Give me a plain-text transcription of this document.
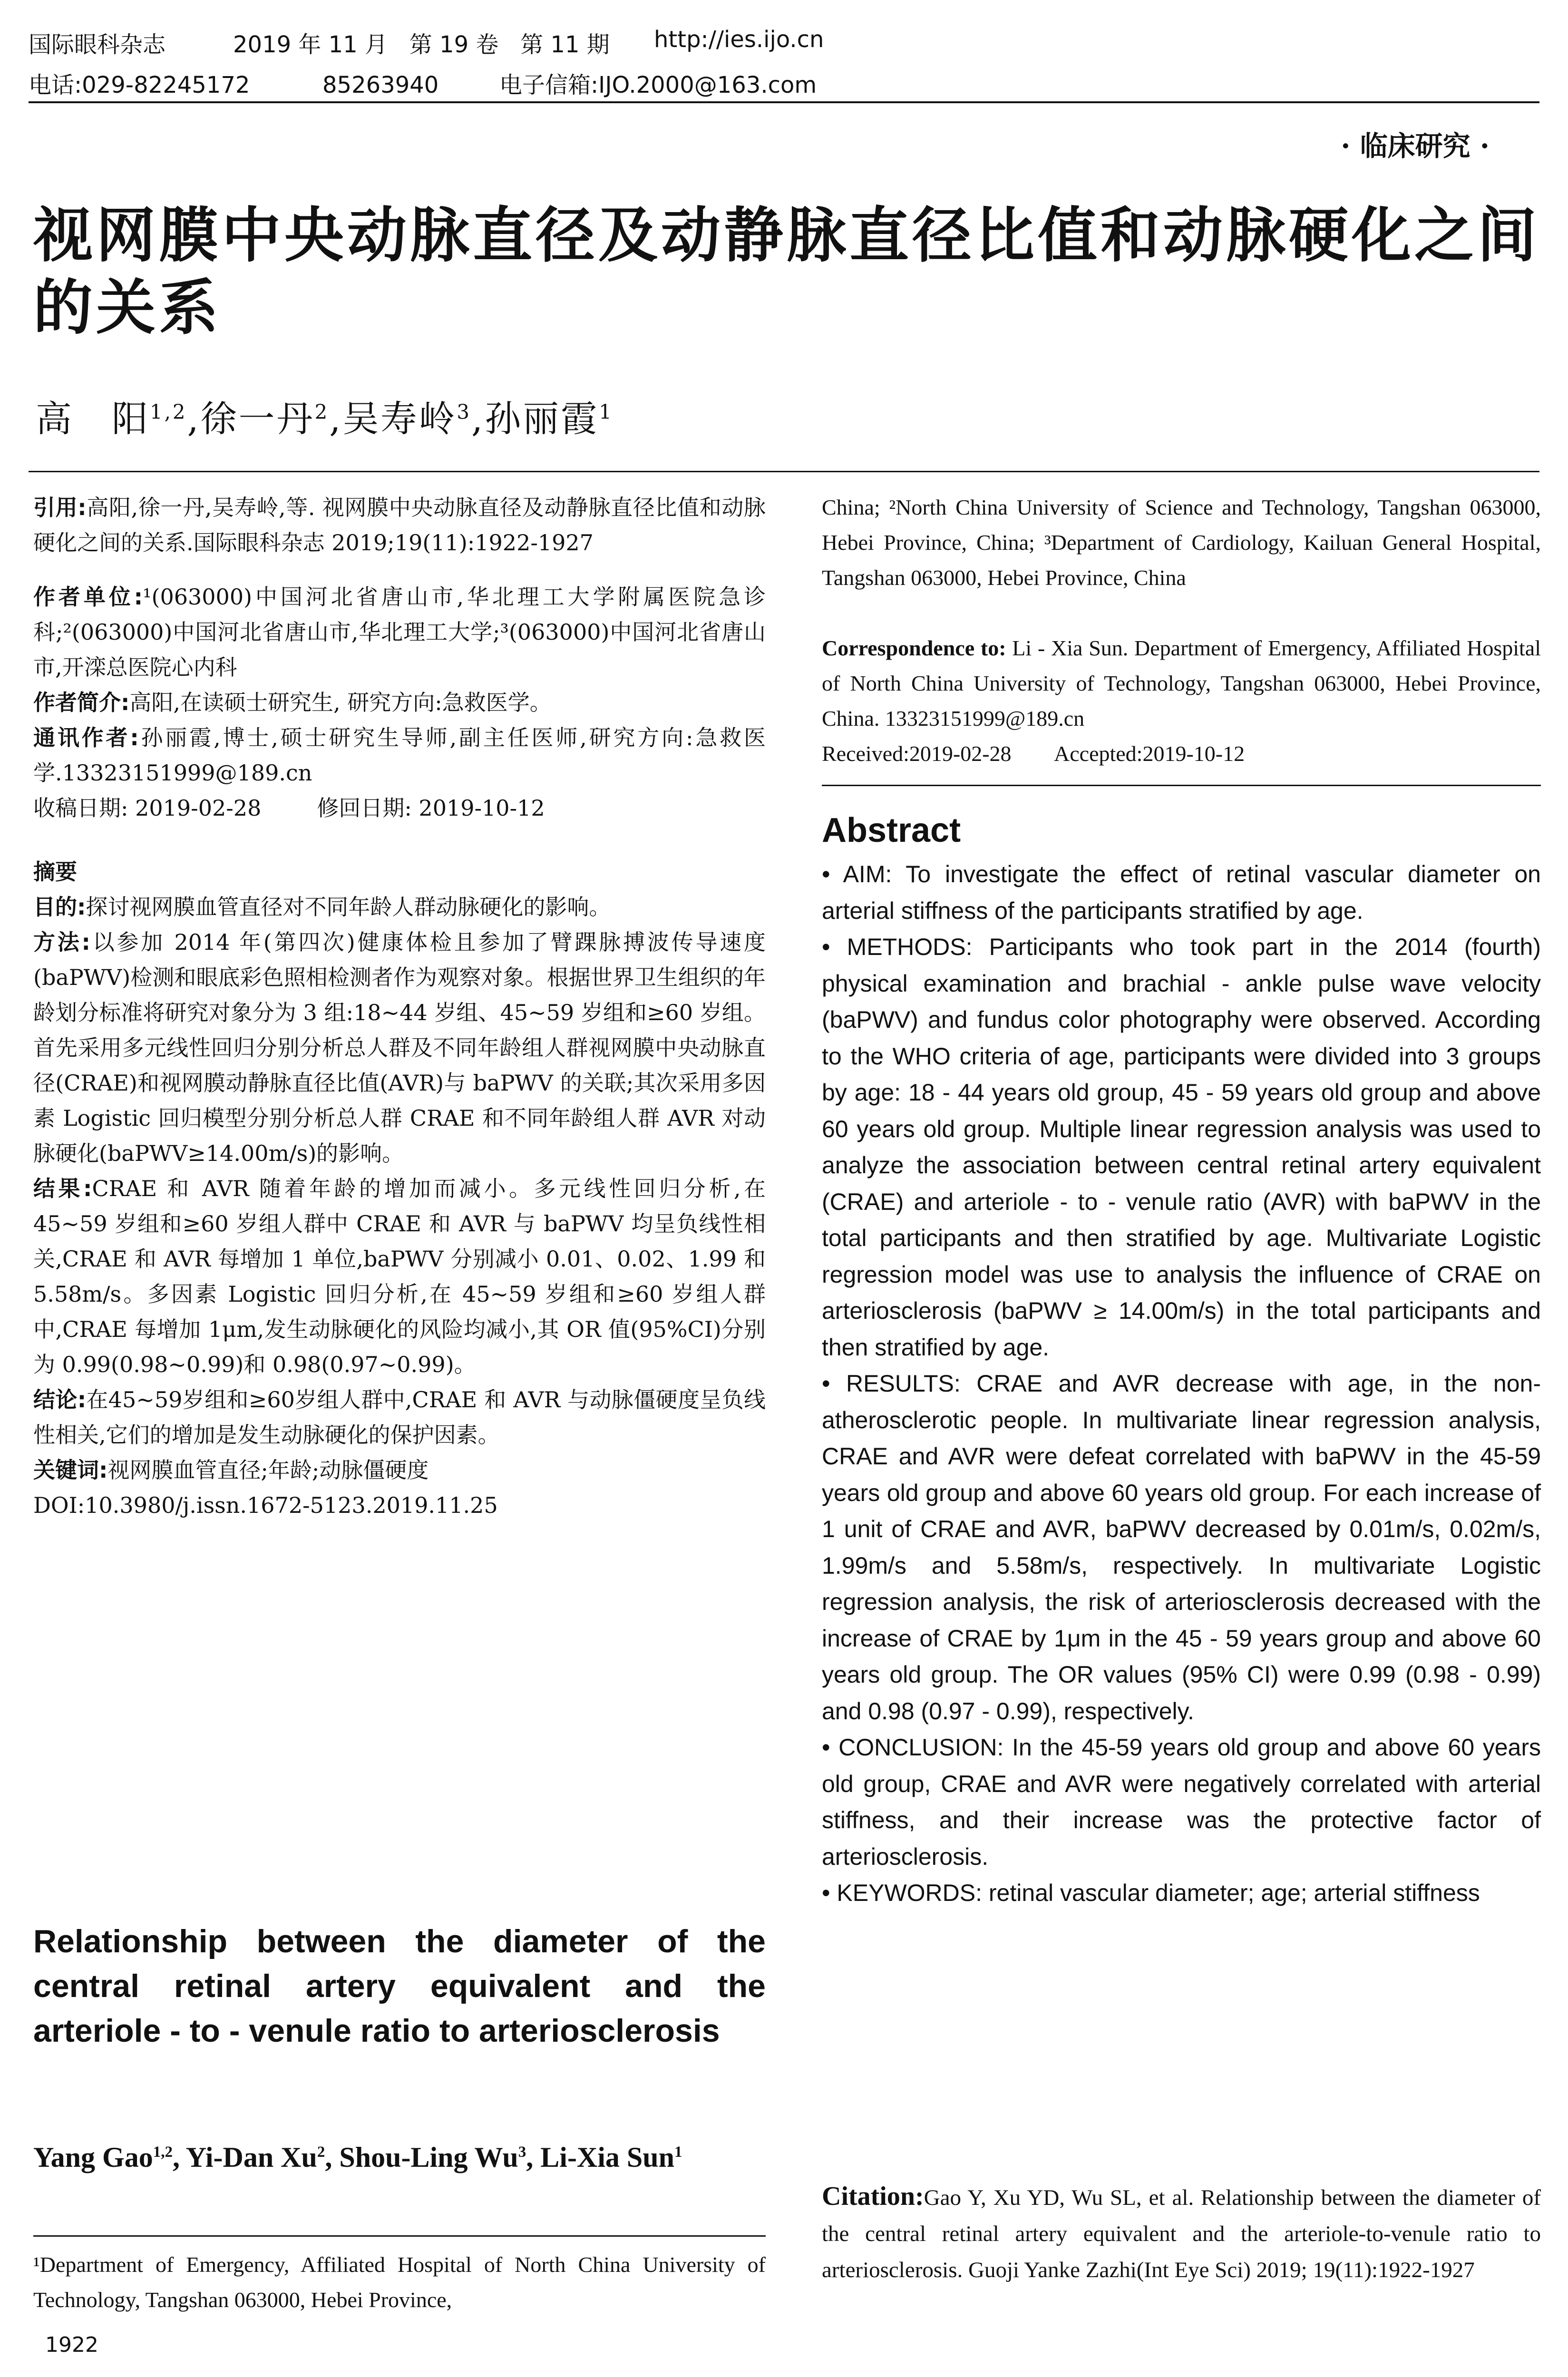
国际眼科杂志	2019 年 11 月   第 19 卷   第 11 期 http://ies.ijo.cn
电话:029-82245172          85263940	电子信箱:IJO.2000@163.com
· 临床研究 ·
视网膜中央动脉直径及动静脉直径比值和动脉硬化之间
的关系
高　阳$^{1,2}$,徐一丹$^2$,吴寿岭$^3$,孙丽霞$^1$

引用:高阳,徐一丹,吴寿岭,等. 视网膜中央动脉直径及动静脉直径比值和动脉硬化之间的关系.国际眼科杂志 2019;19(11):1922-1927

作者单位:¹(063000)中国河北省唐山市,华北理工大学附属医院急诊科;²(063000)中国河北省唐山市,华北理工大学;³(063000)中国河北省唐山市,开滦总医院心内科

作者简介:高阳,在读硕士研究生, 研究方向:急救医学。

通讯作者:孙丽霞,博士,硕士研究生导师,副主任医师,研究方向:急救医学.13323151999@189.cn

收稿日期: 2019-02-28        修回日期: 2019-10-12

摘要

目的:探讨视网膜血管直径对不同年龄人群动脉硬化的影响。

方法:以参加 2014 年(第四次)健康体检且参加了臂踝脉搏波传导速度(baPWV)检测和眼底彩色照相检测者作为观察对象。根据世界卫生组织的年龄划分标准将研究对象分为 3 组:18~44 岁组、45~59 岁组和≥60 岁组。首先采用多元线性回归分别分析总人群及不同年龄组人群视网膜中央动脉直径(CRAE)和视网膜动静脉直径比值(AVR)与 baPWV 的关联;其次采用多因素 Logistic 回归模型分别分析总人群 CRAE 和不同年龄组人群 AVR 对动脉硬化(baPWV≥14.00m/s)的影响。

结果:CRAE 和 AVR 随着年龄的增加而减小。多元线性回归分析,在 45~59 岁组和≥60 岁组人群中 CRAE 和 AVR 与 baPWV 均呈负线性相关,CRAE 和 AVR 每增加 1 单位,baPWV 分别减小 0.01、0.02、1.99 和 5.58m/s。多因素 Logistic 回归分析,在 45~59 岁组和≥60 岁组人群中,CRAE 每增加 1μm,发生动脉硬化的风险均减小,其 OR 值(95%CI)分别为 0.99(0.98~0.99)和 0.98(0.97~0.99)。

结论:在45~59岁组和≥60岁组人群中,CRAE 和 AVR 与动脉僵硬度呈负线性相关,它们的增加是发生动脉硬化的保护因素。

关键词:视网膜血管直径;年龄;动脉僵硬度

DOI:10.3980/j.issn.1672-5123.2019.11.25

Relationship between the diameter of the central retinal artery equivalent and the arteriole - to - venule ratio to arteriosclerosis
Yang Gao$^{1,2}$, Yi-Dan Xu$^2$, Shou-Ling Wu$^3$, Li-Xia Sun$^1$
¹Department of Emergency, Affiliated Hospital of North China University of Technology, Tangshan 063000, Hebei Province,
1922
China; ²North China University of Science and Technology, Tangshan 063000, Hebei Province, China; ³Department of Cardiology, Kailuan General Hospital, Tangshan 063000, Hebei Province, China

Correspondence to: Li - Xia Sun. Department of Emergency, Affiliated Hospital of North China University of Technology, Tangshan 063000, Hebei Province, China. 13323151999@189.cn

Received:2019-02-28        Accepted:2019-10-12

Abstract

• AIM: To investigate the effect of retinal vascular diameter on arterial stiffness of the participants stratified by age.

• METHODS: Participants who took part in the 2014 (fourth) physical examination and brachial - ankle pulse wave velocity (baPWV) and fundus color photography were observed. According to the WHO criteria of age, participants were divided into 3 groups by age: 18 - 44 years old group, 45 - 59 years old group and above 60 years old group. Multiple linear regression analysis was used to analyze the association between central retinal artery equivalent (CRAE) and arteriole - to - venule ratio (AVR) with baPWV in the total participants and then stratified by age. Multivariate Logistic regression model was use to analysis the influence of CRAE on arteriosclerosis (baPWV ≥ 14.00m/s) in the total participants and then stratified by age.

• RESULTS: CRAE and AVR decrease with age, in the non- atherosclerotic people. In multivariate linear regression analysis, CRAE and AVR were defeat correlated with baPWV in the 45-59 years old group and above 60 years old group. For each increase of 1 unit of CRAE and AVR, baPWV decreased by 0.01m/s, 0.02m/s, 1.99m/s and 5.58m/s, respectively. In multivariate Logistic regression analysis, the risk of arteriosclerosis decreased with the increase of CRAE by 1μm in the 45 - 59 years group and above 60 years old group. The OR values (95% CI) were 0.99 (0.98 - 0.99) and 0.98 (0.97 - 0.99), respectively.

• CONCLUSION: In the 45-59 years old group and above 60 years old group, CRAE and AVR were negatively correlated with arterial stiffness, and their increase was the protective factor of arteriosclerosis.

• KEYWORDS: retinal vascular diameter; age; arterial stiffness

Citation:Gao Y, Xu YD, Wu SL, et al. Relationship between the diameter of the central retinal artery equivalent and the arteriole-to-venule ratio to arteriosclerosis. Guoji Yanke Zazhi(Int Eye Sci) 2019; 19(11):1922-1927
